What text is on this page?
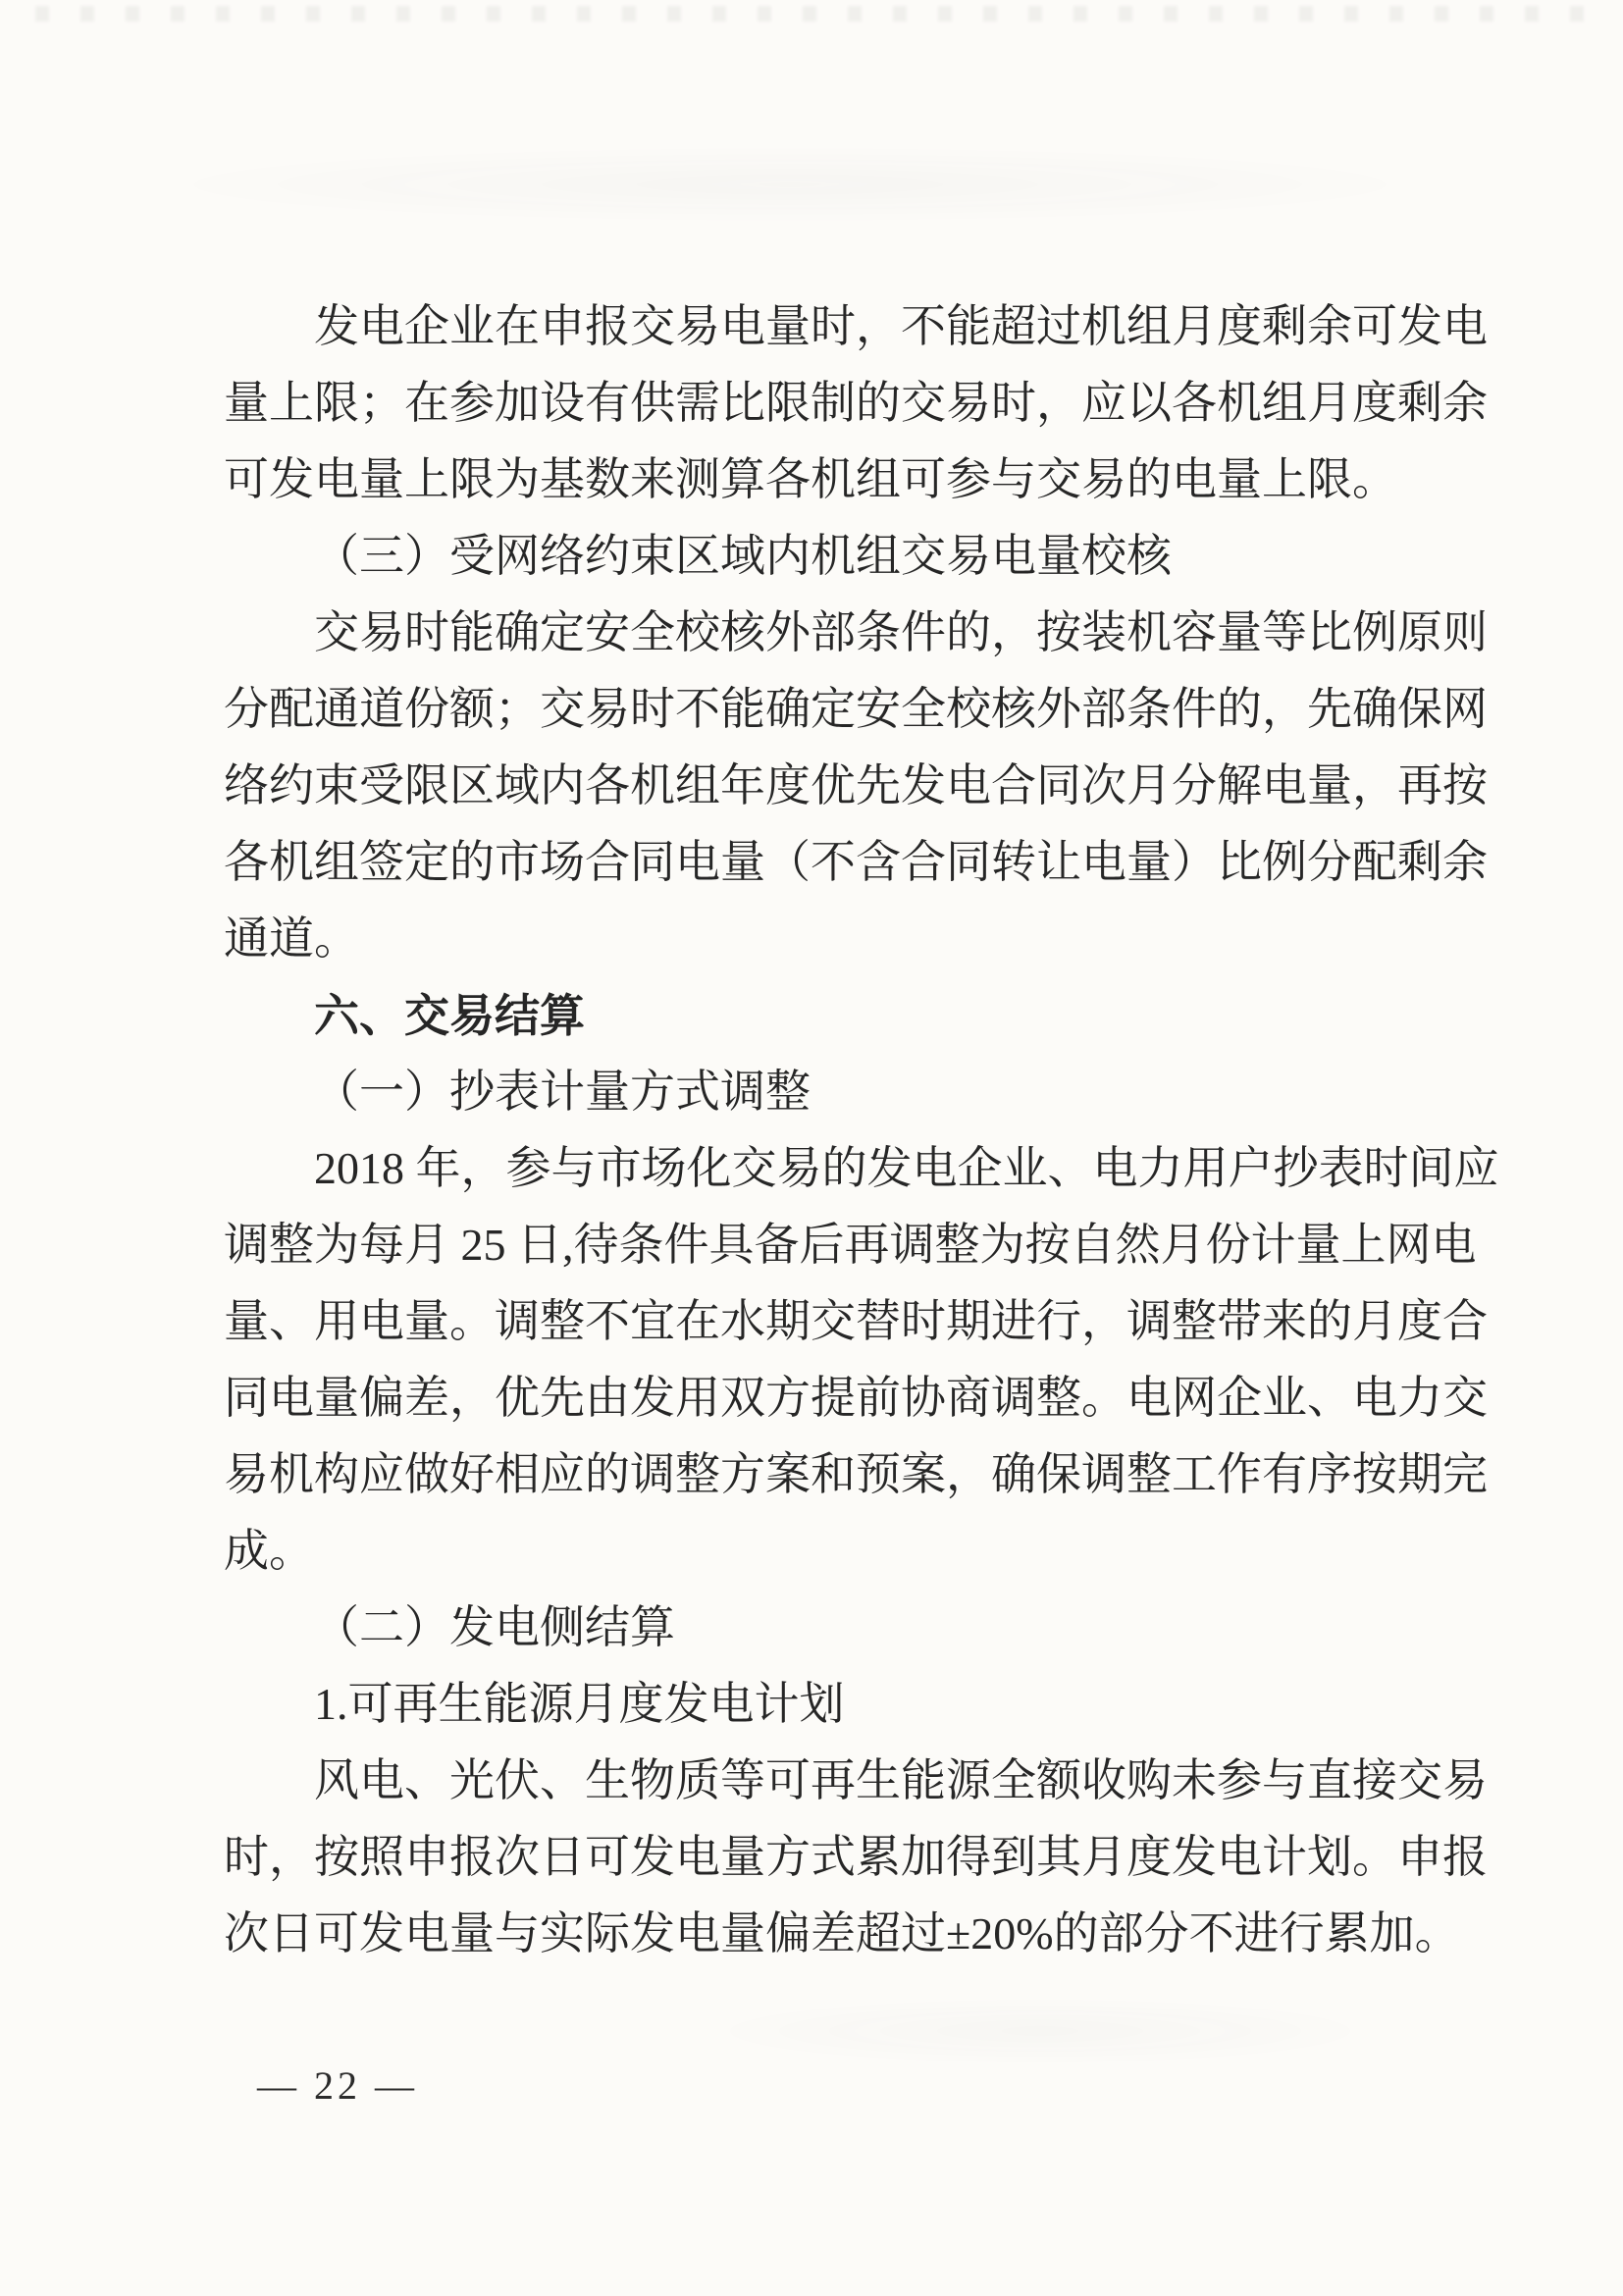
发电企业在申报交易电量时，不能超过机组月度剩余可发电
量上限；在参加设有供需比限制的交易时，应以各机组月度剩余
可发电量上限为基数来测算各机组可参与交易的电量上限。
（三）受网络约束区域内机组交易电量校核
交易时能确定安全校核外部条件的，按装机容量等比例原则
分配通道份额；交易时不能确定安全校核外部条件的，先确保网
络约束受限区域内各机组年度优先发电合同次月分解电量，再按
各机组签定的市场合同电量（不含合同转让电量）比例分配剩余
通道。
六、交易结算
（一）抄表计量方式调整
2018 年，参与市场化交易的发电企业、电力用户抄表时间应
调整为每月 25 日,待条件具备后再调整为按自然月份计量上网电
量、用电量。调整不宜在水期交替时期进行，调整带来的月度合
同电量偏差，优先由发用双方提前协商调整。电网企业、电力交
易机构应做好相应的调整方案和预案，确保调整工作有序按期完
成。
（二）发电侧结算
1.可再生能源月度发电计划
风电、光伏、生物质等可再生能源全额收购未参与直接交易
时，按照申报次日可发电量方式累加得到其月度发电计划。申报
次日可发电量与实际发电量偏差超过±20%的部分不进行累加。
— 22 —
